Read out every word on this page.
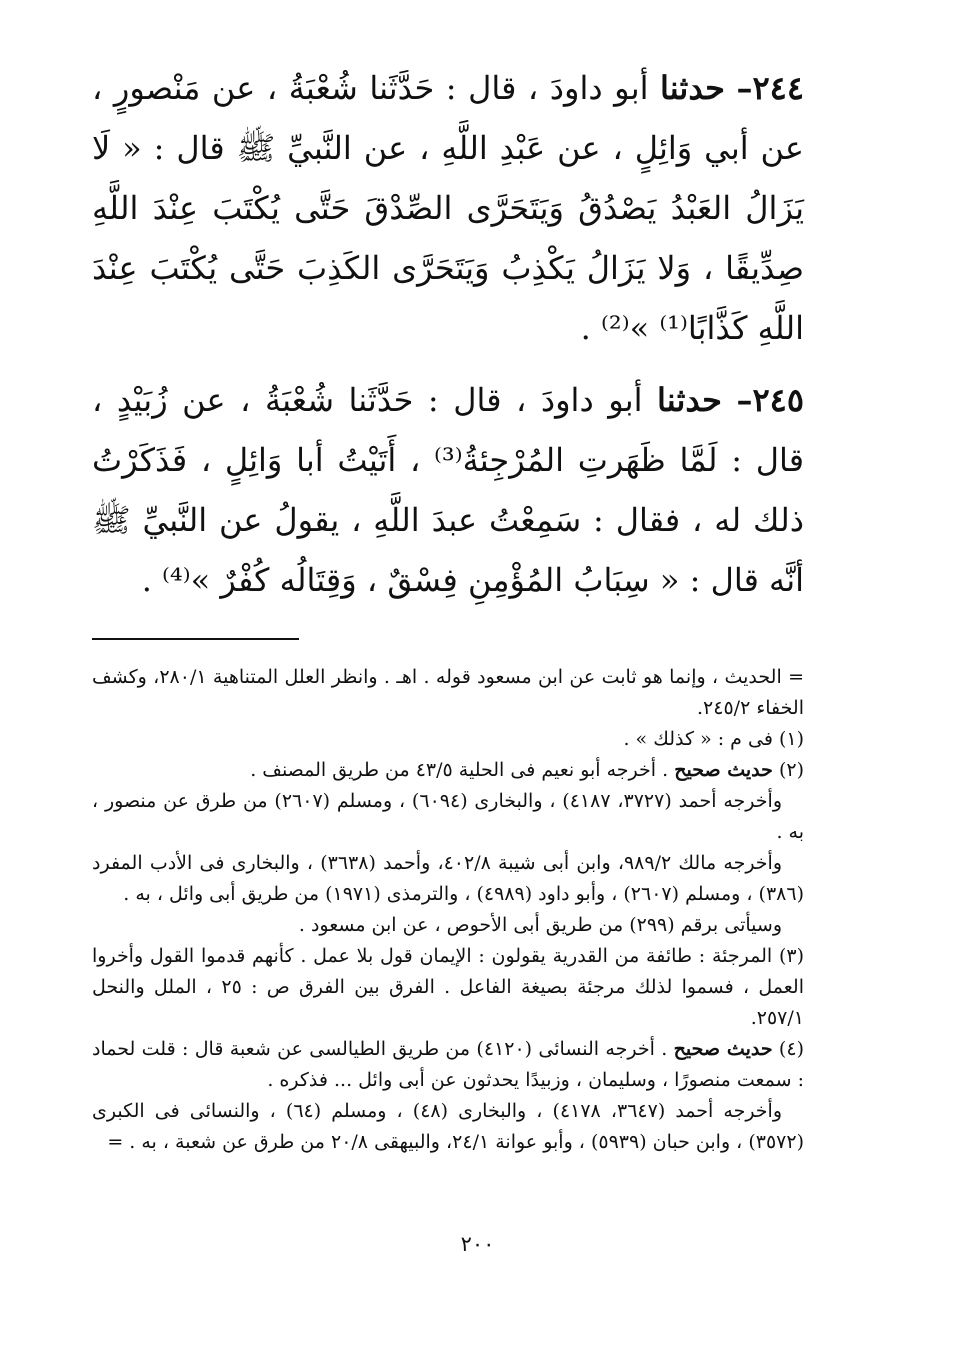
٢٤٤– حدثنا أبو داودَ ، قال : حَدَّثَنا شُعْبَةُ ، عن مَنْصورٍ ، عن أبي وَائِلٍ ، عن عَبْدِ اللَّهِ ، عن النَّبيِّ ﷺ قال : « لَا يَزَالُ العَبْدُ يَصْدُقُ وَيَتَحَرَّى الصِّدْقَ حَتَّى يُكْتَبَ عِنْدَ اللَّهِ صِدِّيقًا ، وَلا يَزَالُ يَكْذِبُ وَيَتَحَرَّى الكَذِبَ حَتَّى يُكْتَبَ عِنْدَ اللَّهِ كَذَّابًا⁽¹⁾ »⁽²⁾ .

٢٤٥– حدثنا أبو داودَ ، قال : حَدَّثَنا شُعْبَةُ ، عن زُبَيْدٍ ، قال : لَمَّا ظَهَرتِ المُرْجِئةُ⁽³⁾ ، أَتَيْتُ أبا وَائِلٍ ، فَذَكَرْتُ ذلك له ، فقال : سَمِعْتُ عبدَ اللَّهِ ، يقولُ عن النَّبيِّ ﷺ أنَّه قال : « سِبَابُ المُؤْمِنِ فِسْقٌ ، وَقِتَالُه كُفْرٌ »⁽⁴⁾ .

= الحديث ، وإنما هو ثابت عن ابن مسعود قوله . اهـ . وانظر العلل المتناهية ٢٨٠/١، وكشف الخفاء ٢٤٥/٢.

(١) فى م : « كذلك » .

(٢) حديث صحيح . أخرجه أبو نعيم فى الحلية ٤٣/٥ من طريق المصنف .

وأخرجه أحمد (٣٧٢٧، ٤١٨٧) ، والبخارى (٦٠٩٤) ، ومسلم (٢٦٠٧) من طرق عن منصور ، به .

وأخرجه مالك ٩٨٩/٢، وابن أبى شيبة ٤٠٢/٨، وأحمد (٣٦٣٨) ، والبخارى فى الأدب المفرد (٣٨٦) ، ومسلم (٢٦٠٧) ، وأبو داود (٤٩٨٩) ، والترمذى (١٩٧١) من طريق أبى وائل ، به .

وسيأتى برقم (٢٩٩) من طريق أبى الأحوص ، عن ابن مسعود .

(٣) المرجئة : طائفة من القدرية يقولون : الإيمان قول بلا عمل . كأنهم قدموا القول وأخروا العمل ، فسموا لذلك مرجئة بصيغة الفاعل . الفرق بين الفرق ص : ٢٥ ، الملل والنحل ٢٥٧/١.

(٤) حديث صحيح . أخرجه النسائى (٤١٢٠) من طريق الطيالسى عن شعبة قال : قلت لحماد : سمعت منصورًا ، وسليمان ، وزبيدًا يحدثون عن أبى وائل ... فذكره .

وأخرجه أحمد (٣٦٤٧، ٤١٧٨) ، والبخارى (٤٨) ، ومسلم (٦٤) ، والنسائى فى الكبرى (٣٥٧٢) ، وابن حبان (٥٩٣٩) ، وأبو عوانة ٢٤/١، والبيهقى ٢٠/٨ من طرق عن شعبة ، به . =

٢٠٠
